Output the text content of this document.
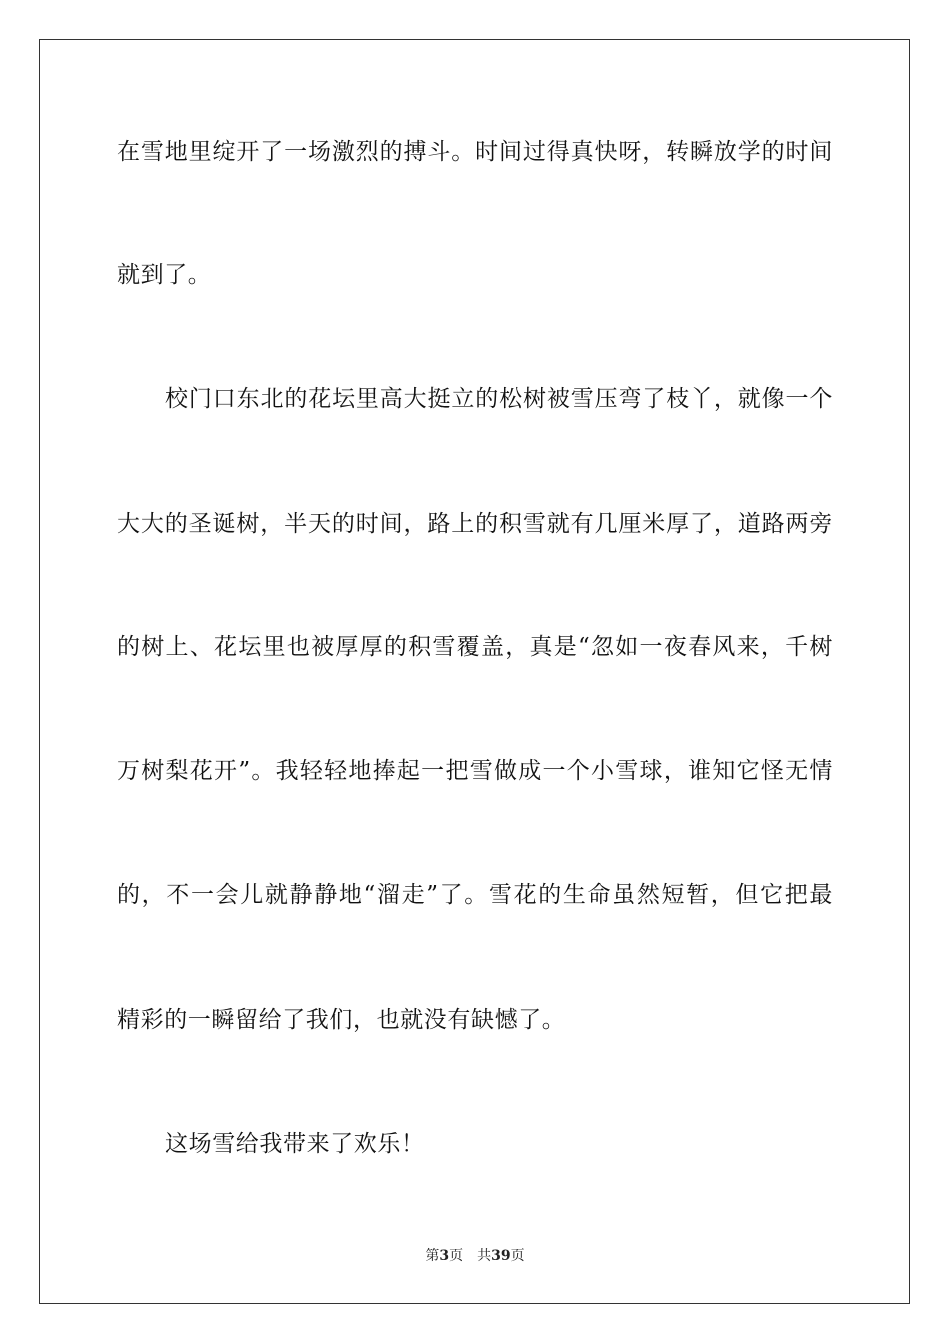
在雪地里绽开了一场激烈的搏斗。时间过得真快呀，转瞬放学的时间
就到了。
校门口东北的花坛里高大挺立的松树被雪压弯了枝丫，就像一个
大大的圣诞树，半天的时间，路上的积雪就有几厘米厚了，道路两旁
的树上、花坛里也被厚厚的积雪覆盖，真是“忽如一夜春风来，千树
万树梨花开”。我轻轻地捧起一把雪做成一个小雪球，谁知它怪无情
的，不一会儿就静静地“溜走”了。雪花的生命虽然短暂，但它把最
精彩的一瞬留给了我们，也就没有缺憾了。
这场雪给我带来了欢乐！
第3页 共39页
